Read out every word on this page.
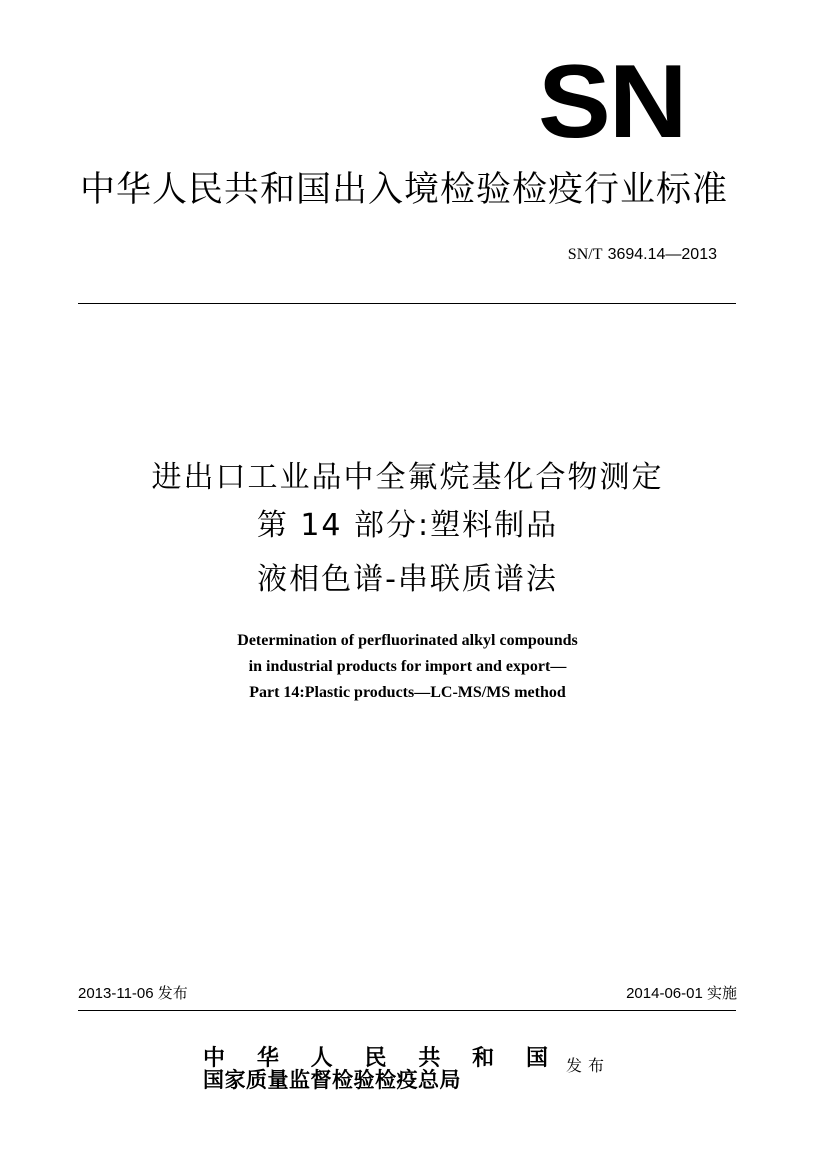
SN
中华人民共和国出入境检验检疫行业标准
SN/T 3694.14—2013
进出口工业品中全氟烷基化合物测定
第 14 部分:塑料制品
液相色谱-串联质谱法
Determination of perfluorinated alkyl compounds
in industrial products for import and export—
Part 14:Plastic products—LC-MS/MS method
2013-11-06 发布	2014-06-01 实施
中华人民共和国
国家质量监督检验检疫总局
发布
